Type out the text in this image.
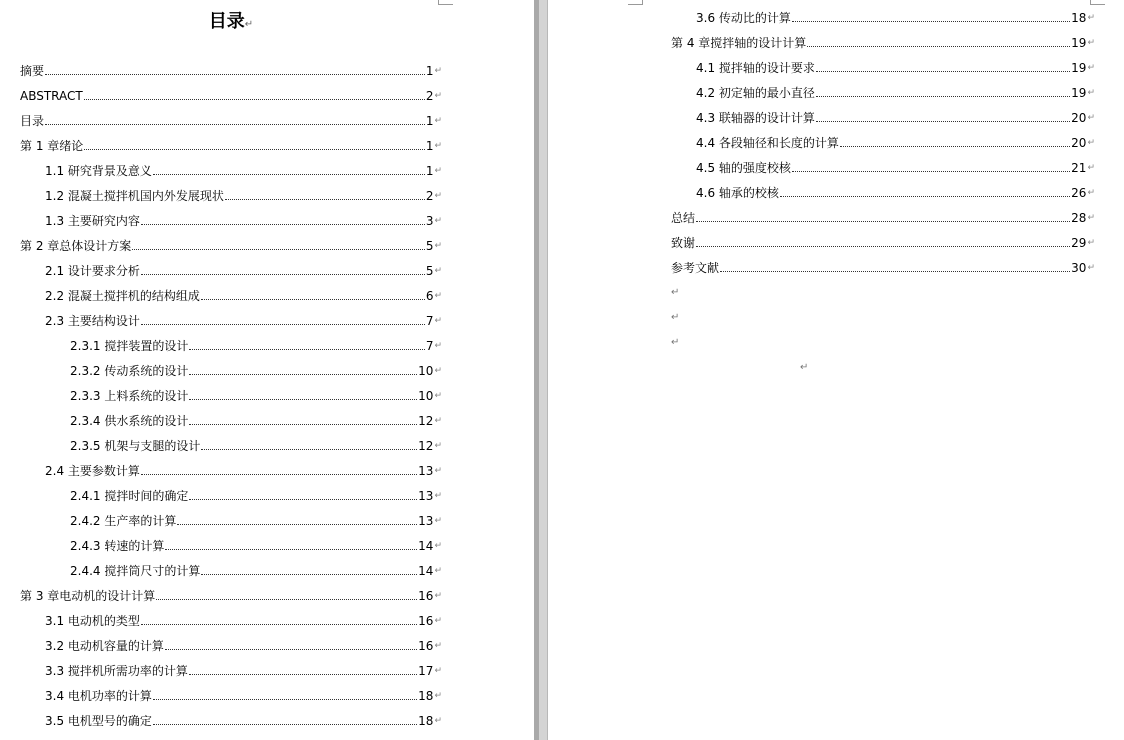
目录↵
摘要	1 ↵
ABSTRACT	2 ↵
目录	1 ↵
第 1 章绪论	1 ↵
1.1 研究背景及意义	1 ↵
1.2 混凝土搅拌机国内外发展现状	2 ↵
1.3 主要研究内容	3 ↵
第 2 章总体设计方案	5 ↵
2.1 设计要求分析	5 ↵
2.2 混凝土搅拌机的结构组成	6 ↵
2.3 主要结构设计	7 ↵
2.3.1 搅拌装置的设计	7 ↵
2.3.2 传动系统的设计	10 ↵
2.3.3 上料系统的设计	10 ↵
2.3.4 供水系统的设计	12 ↵
2.3.5 机架与支腿的设计	12 ↵
2.4 主要参数计算	13 ↵
2.4.1 搅拌时间的确定	13 ↵
2.4.2 生产率的计算	13 ↵
2.4.3 转速的计算	14 ↵
2.4.4 搅拌筒尺寸的计算	14 ↵
第 3 章电动机的设计计算	16 ↵
3.1 电动机的类型	16 ↵
3.2 电动机容量的计算	16 ↵
3.3 搅拌机所需功率的计算	17 ↵
3.4 电机功率的计算	18 ↵
3.5 电机型号的确定	18 ↵
3.6 传动比的计算	18 ↵
第 4 章搅拌轴的设计计算	19 ↵
4.1 搅拌轴的设计要求	19 ↵
4.2 初定轴的最小直径	19 ↵
4.3 联轴器的设计计算	20 ↵
4.4 各段轴径和长度的计算	20 ↵
4.5 轴的强度校核	21 ↵
4.6 轴承的校核	26 ↵
总结	28 ↵
致谢	29 ↵
参考文献	30 ↵
↵
↵
↵
↵
